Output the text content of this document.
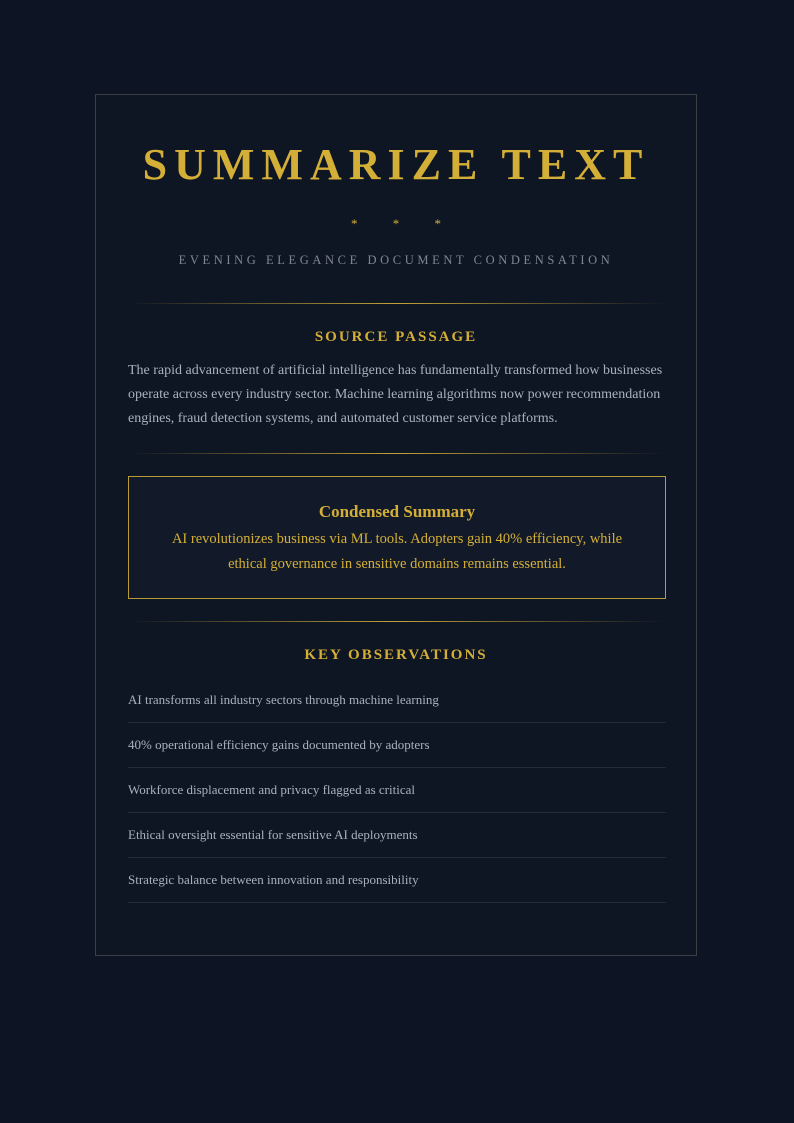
SUMMARIZE TEXT
*	*	*
EVENING ELEGANCE DOCUMENT CONDENSATION
SOURCE PASSAGE

The rapid advancement of artificial intelligence has fundamentally transformed how businesses operate across every industry sector. Machine learning algorithms now power recommendation engines, fraud detection systems, and automated customer service platforms.

Condensed Summary

AI revolutionizes business via ML tools. Adopters gain 40% efficiency, while ethical governance in sensitive domains remains essential.

KEY OBSERVATIONS
AI transforms all industry sectors through machine learning
40% operational efficiency gains documented by adopters
Workforce displacement and privacy flagged as critical
Ethical oversight essential for sensitive AI deployments
Strategic balance between innovation and responsibility
